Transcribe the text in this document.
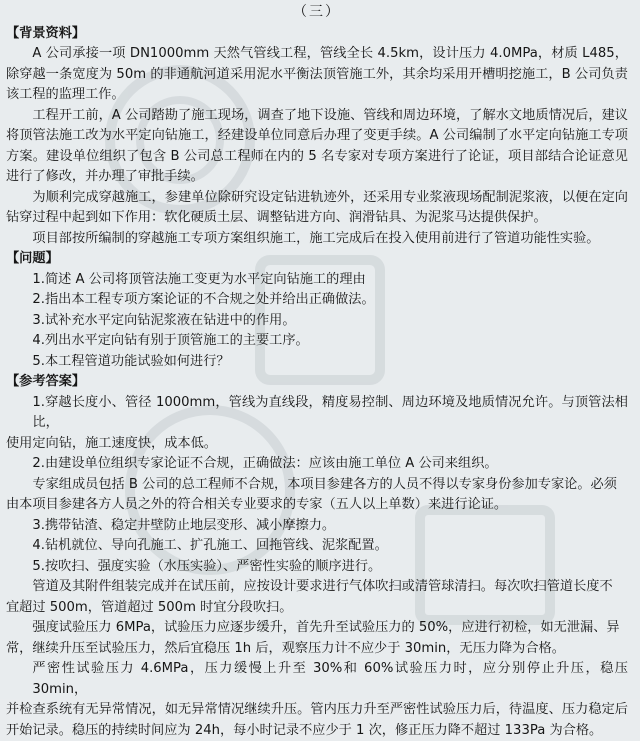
（三）
【背景资料】

A 公司承接一项 DN1000mm 天然气管线工程，管线全长 4.5km，设计压力 4.0MPa，材质 L485，除穿越一条宽度为 50m 的非通航河道采用泥水平衡法顶管施工外，其余均采用开槽明挖施工，B 公司负责该工程的监理工作。

工程开工前，A 公司踏勘了施工现场，调查了地下设施、管线和周边环境，了解水文地质情况后，建议将顶管法施工改为水平定向钻施工，经建设单位同意后办理了变更手续。A 公司编制了水平定向钻施工专项方案。建设单位组织了包含 B 公司总工程师在内的 5 名专家对专项方案进行了论证，项目部结合论证意见进行了修改，并办理了审批手续。

为顺利完成穿越施工，参建单位除研究设定钻进轨迹外，还采用专业浆液现场配制泥浆液，以便在定向钻穿过程中起到如下作用：软化硬质土层、调整钻进方向、润滑钻具、为泥浆马达提供保护。

项目部按所编制的穿越施工专项方案组织施工，施工完成后在投入使用前进行了管道功能性实验。

【问题】
1.简述 A 公司将顶管法施工变更为水平定向钻施工的理由
2.指出本工程专项方案论证的不合规之处并给出正确做法。
3.试补充水平定向钻泥浆液在钻进中的作用。
4.列出水平定向钻有别于顶管施工的主要工序。
5.本工程管道功能试验如何进行？
【参考答案】

1.穿越长度小、管径 1000mm，管线为直线段，精度易控制、周边环境及地质情况允许。与顶管法相比，

使用定向钻，施工速度快，成本低。

2.由建设单位组织专家论证不合规，正确做法：应该由施工单位 A 公司来组织。

专家组成员包括 B 公司的总工程师不合规，本项目参建各方的人员不得以专家身份参加专家论。必须

由本项目参建各方人员之外的符合相关专业要求的专家（五人以上单数）来进行论证。

3.携带钻渣、稳定井壁防止地层变形、减小摩擦力。

4.钻机就位、导向孔施工、扩孔施工、回拖管线、泥浆配置。

5.按吹扫、强度实验（水压实验）、严密性实验的顺序进行。

管道及其附件组装完成并在试压前，应按设计要求进行气体吹扫或清管球清扫。每次吹扫管道长度不

宜超过 500m，管道超过 500m 时宜分段吹扫。

强度试验压力 6MPa，试验压力应逐步缓升，首先升至试验压力的 50%，应进行初检，如无泄漏、异

常，继续升压至试验压力，然后宜稳压 1h 后，观察压力计不应少于 30min，无压力降为合格。

严密性试验压力 4.6MPa，压力缓慢上升至 30%和 60%试验压力时，应分别停止升压，稳压 30min，

并检查系统有无异常情况，如无异常情况继续升压。管内压力升至严密性试验压力后，待温度、压力稳定后开始记录。稳压的持续时间应为 24h，每小时记录不应少于 1 次，修正压力降不超过 133Pa 为合格。
